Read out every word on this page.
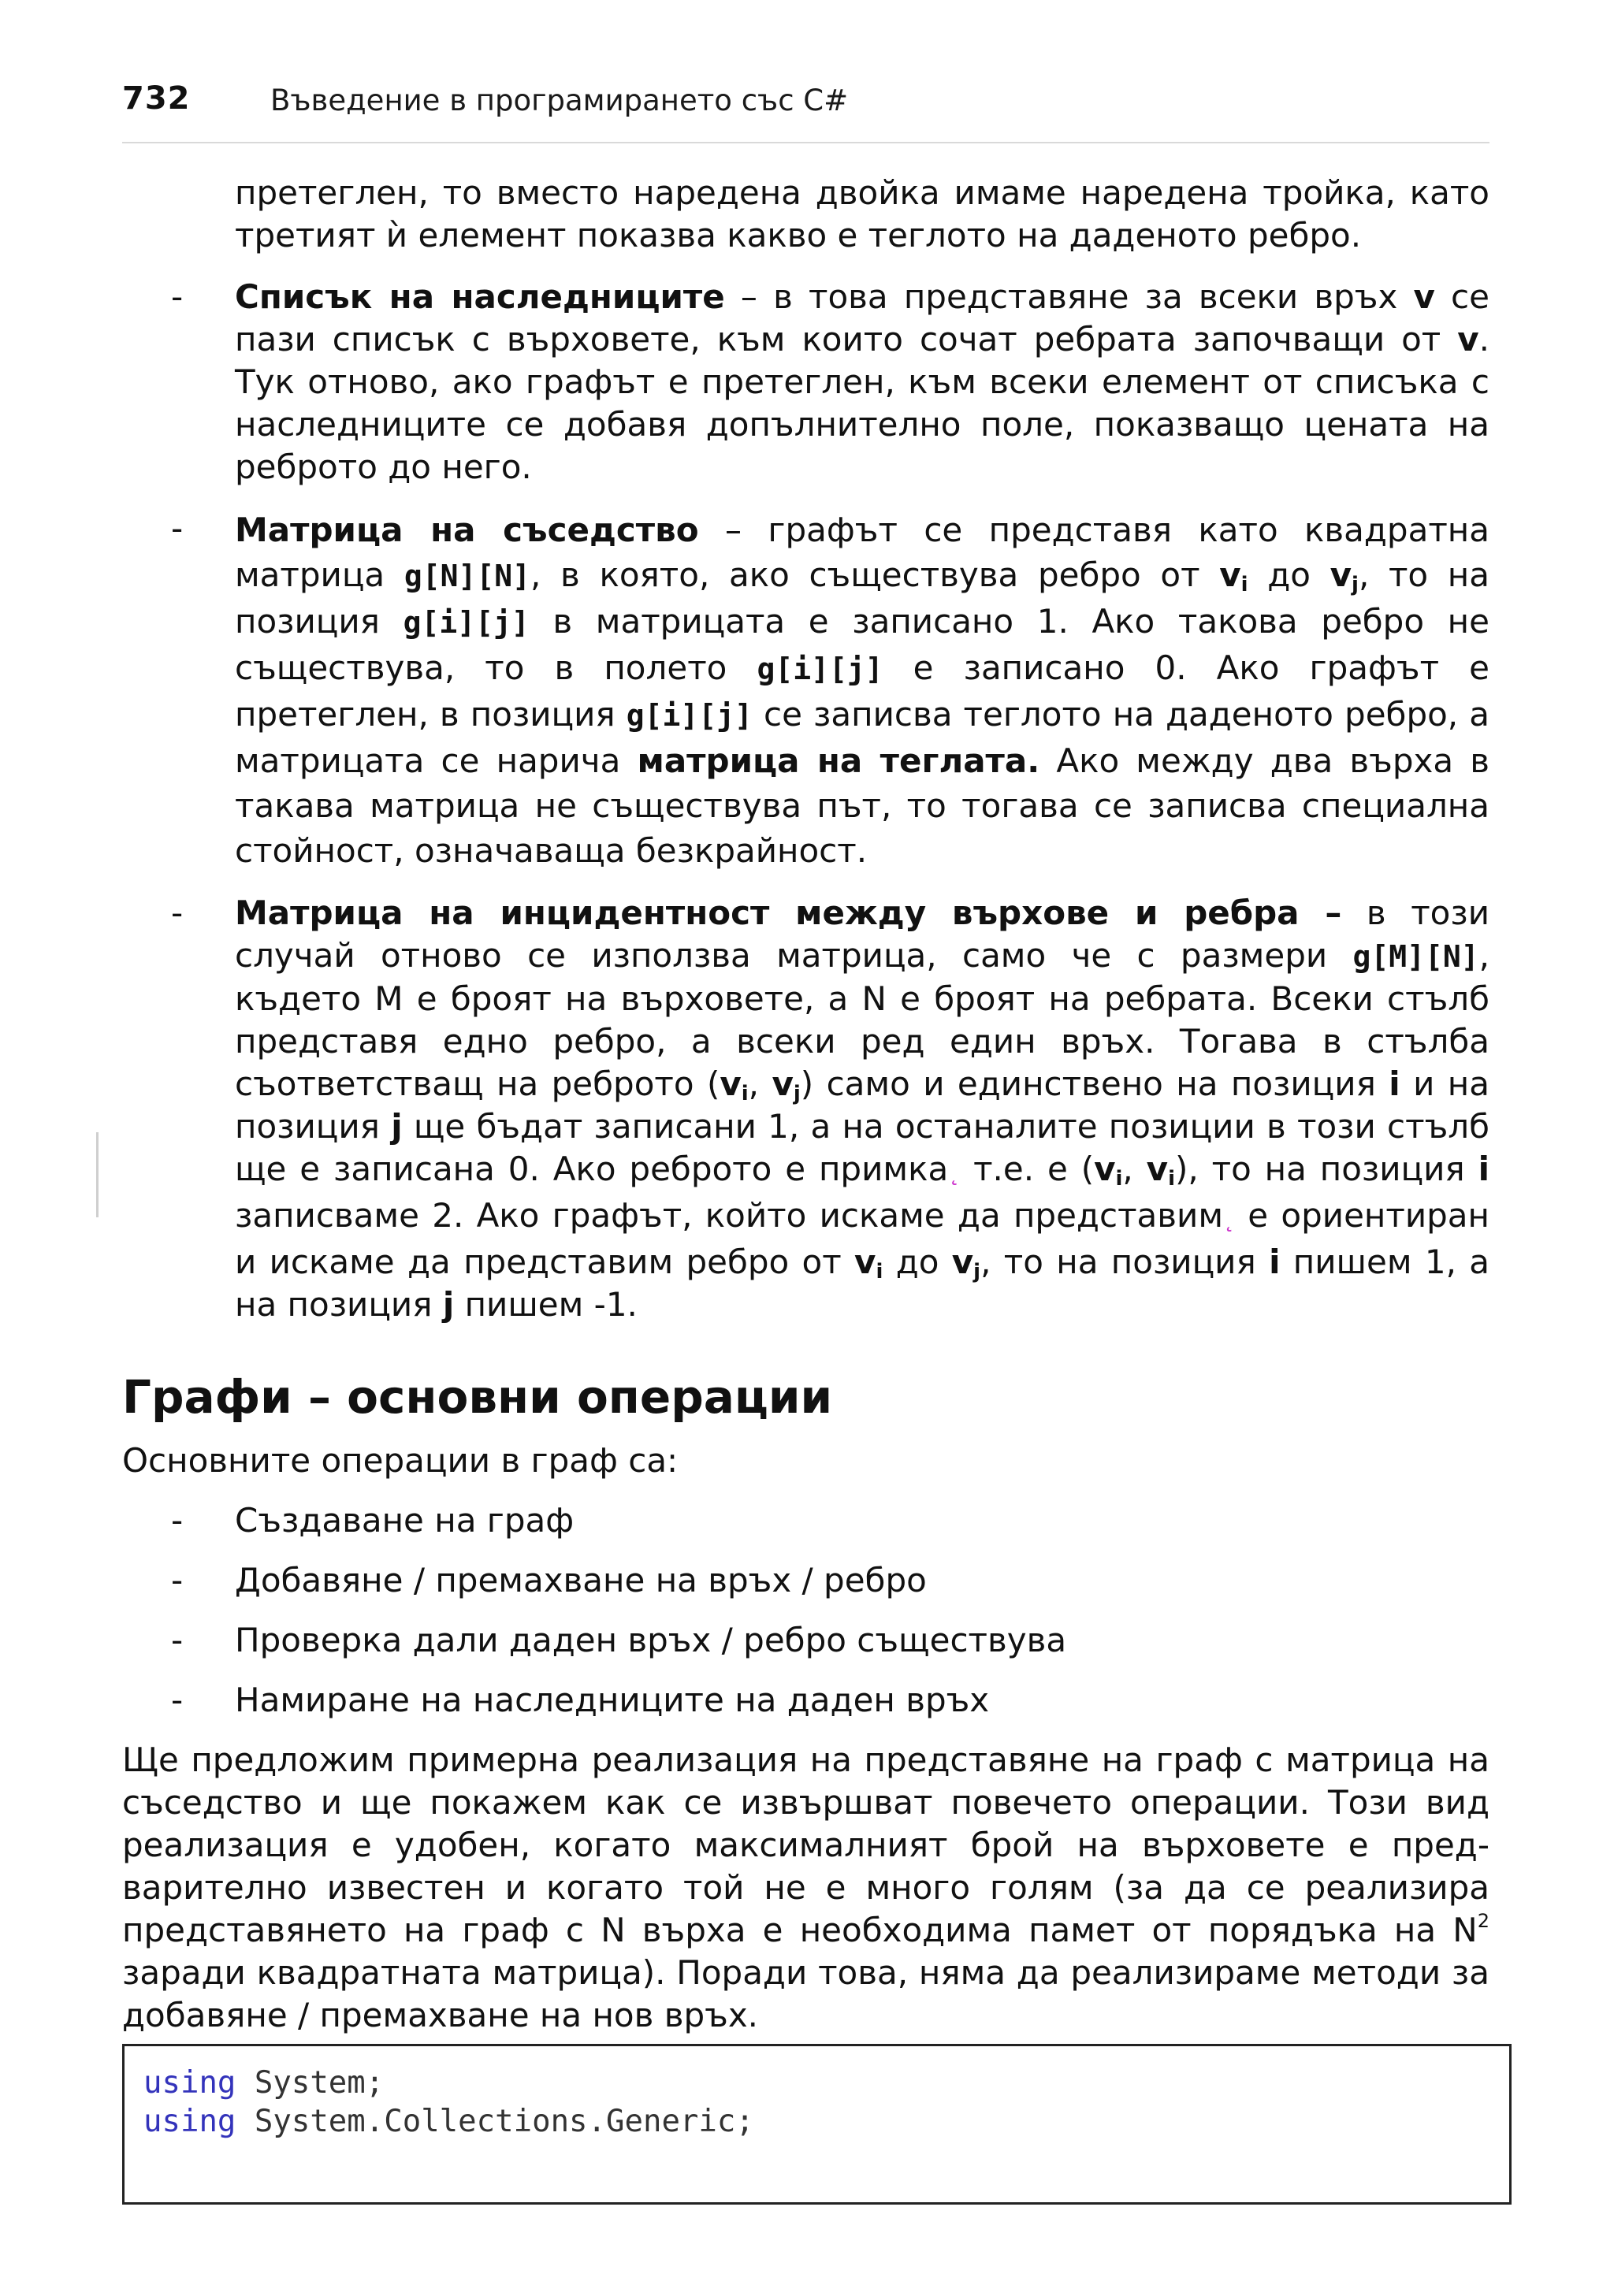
732	Въведение в програмирането със C#

претеглен, то вместо наредена двойка имаме наредена тройка, като третият ѝ елемент показва какво е теглото на даденото ребро.

- Списък на наследниците – в това представяне за всеки връх v се пази списък с върховете, към които сочат ребрата започващи от v. Тук отново, ако графът е претеглен, към всеки елемент от списъка с наследниците се добавя допълнително поле, показващо цената на реброто до него.
- Матрица на съседство – графът се представя като квадратна матрица g[N][N], в която, ако съществува ребро от $v_i$ до $v_j$, то на позиция g[i][j] в матрицата е записано 1. Ако такова ребро не съществува, то в полето g[i][j] е записано 0. Ако графът е претеглен, в позиция g[i][j] се записва теглото на даденото ребро, а матрицата се нарича матрица на теглата. Ако между два върха в такава матрица не съществува път, то тогава се записва специална стойност, означаваща безкрайност.
- Матрица на инцидентност между върхове и ребра – в този случай отново се използва матрица, само че с размери g[M][N], където M е броят на върховете, а N е броят на ребрата. Всеки стълб представя едно ребро, а всеки ред един връх. Тогава в стълба съответстващ на реброто ($v_i$, $v_j$) само и единствено на позиция i и на позиция j ще бъдат записани 1, а на останалите позиции в този стълб ще е записана 0. Ако реброто е примка˛ т.е. е ($v_i$, $v_i$), то на позиция i записваме 2. Ако графът, който искаме да представим˛ е ориентиран и искаме да представим ребро от $v_i$ до $v_j$, то на позиция i пишем 1, а на позиция j пишем -1.
Графи – основни операции

Основните операции в граф са:

- Създаване на граф
- Добавяне / премахване на връх / ребро
- Проверка дали даден връх / ребро съществува
- Намиране на наследниците на даден връх

Ще предложим примерна реализация на представяне на граф с матрица на съседство и ще покажем как се извършват повечето операции. Този вид реализация е удобен, когато максималният брой на върховете е предварително известен и когато той не е много голям (за да се реализира представянето на граф с N върха е необходима памет от порядъка на $N^2$ заради квадратната матрица). Поради това, няма да реализираме методи за добавяне / премахване на нов връх.

using System;
using System.Collections.Generic;
